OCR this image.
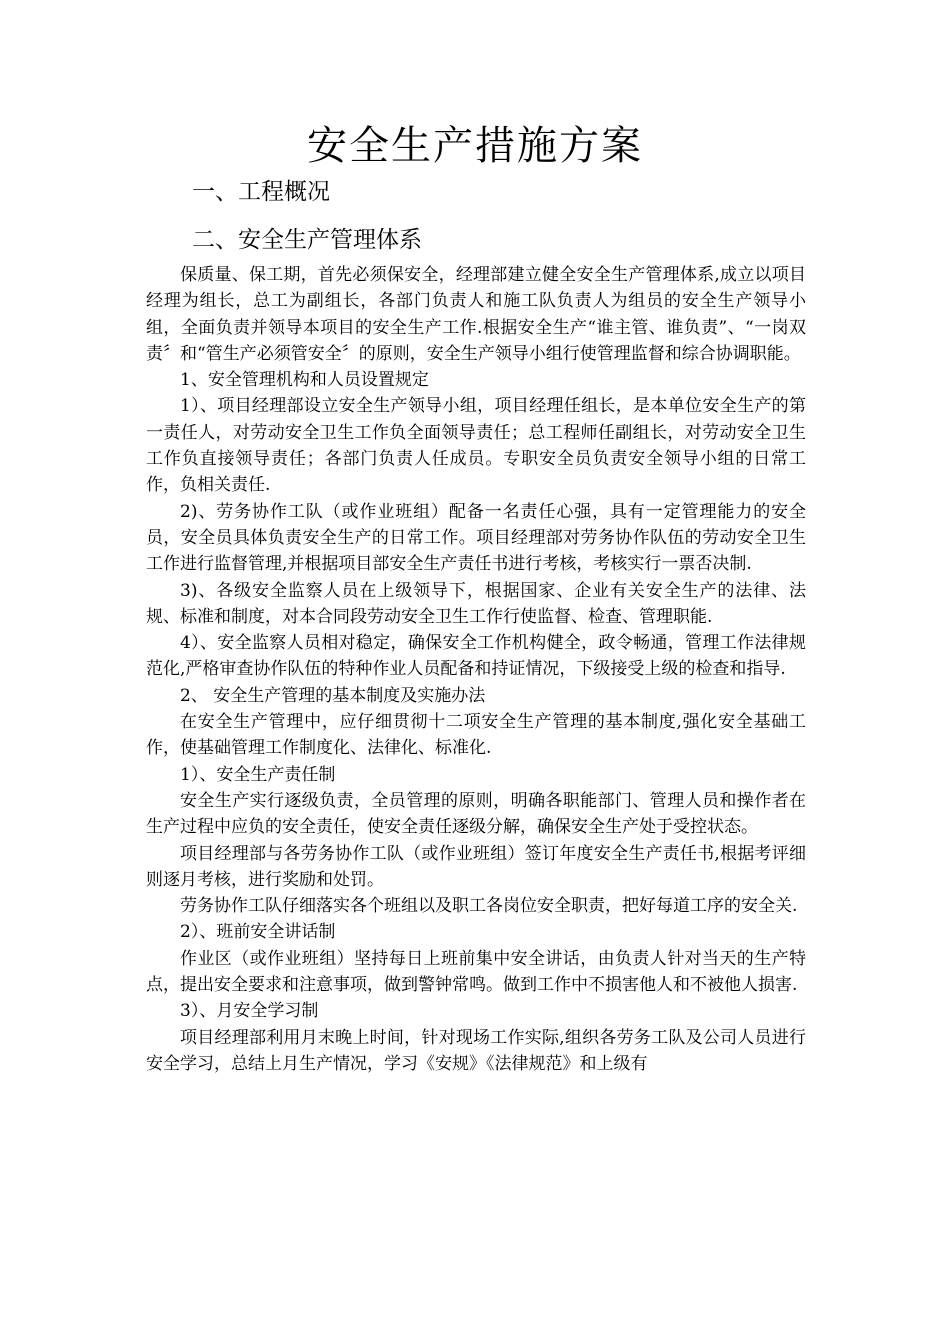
安全生产措施方案
一、工程概况
二、安全生产管理体系

保质量、保工期，首先必须保安全，经理部建立健全安全生产管理体系,成立以项目经理为组长，总工为副组长，各部门负责人和施工队负责人为组员的安全生产领导小组，全面负责并领导本项目的安全生产工作.根据安全生产“谁主管、谁负责”、“一岗双责〞和“管生产必须管安全〞的原则，安全生产领导小组行使管理监督和综合协调职能。

1、安全管理机构和人员设置规定

1）、项目经理部设立安全生产领导小组，项目经理任组长，是本单位安全生产的第一责任人，对劳动安全卫生工作负全面领导责任；总工程师任副组长，对劳动安全卫生工作负直接领导责任；各部门负责人任成员。专职安全员负责安全领导小组的日常工作，负相关责任.

2)、劳务协作工队（或作业班组）配备一名责任心强，具有一定管理能力的安全员，安全员具体负责安全生产的日常工作。项目经理部对劳务协作队伍的劳动安全卫生工作进行监督管理,并根据项目部安全生产责任书进行考核，考核实行一票否决制.

3)、各级安全监察人员在上级领导下，根据国家、企业有关安全生产的法律、法规、标准和制度，对本合同段劳动安全卫生工作行使监督、检查、管理职能.

4）、安全监察人员相对稳定，确保安全工作机构健全，政令畅通，管理工作法律规范化,严格审查协作队伍的特种作业人员配备和持证情况，下级接受上级的检查和指导.

2、 安全生产管理的基本制度及实施办法

在安全生产管理中，应仔细贯彻十二项安全生产管理的基本制度,强化安全基础工作，使基础管理工作制度化、法律化、标准化.

1）、安全生产责任制

安全生产实行逐级负责，全员管理的原则，明确各职能部门、管理人员和操作者在生产过程中应负的安全责任，使安全责任逐级分解，确保安全生产处于受控状态。

项目经理部与各劳务协作工队（或作业班组）签订年度安全生产责任书,根据考评细则逐月考核，进行奖励和处罚。

劳务协作工队仔细落实各个班组以及职工各岗位安全职责，把好每道工序的安全关.

2）、班前安全讲话制

作业区（或作业班组）坚持每日上班前集中安全讲话，由负责人针对当天的生产特点，提出安全要求和注意事项，做到警钟常鸣。做到工作中不损害他人和不被他人损害.

3）、月安全学习制

项目经理部利用月末晚上时间，针对现场工作实际,组织各劳务工队及公司人员进行安全学习，总结上月生产情况，学习《安规》《法律规范》和上级有
